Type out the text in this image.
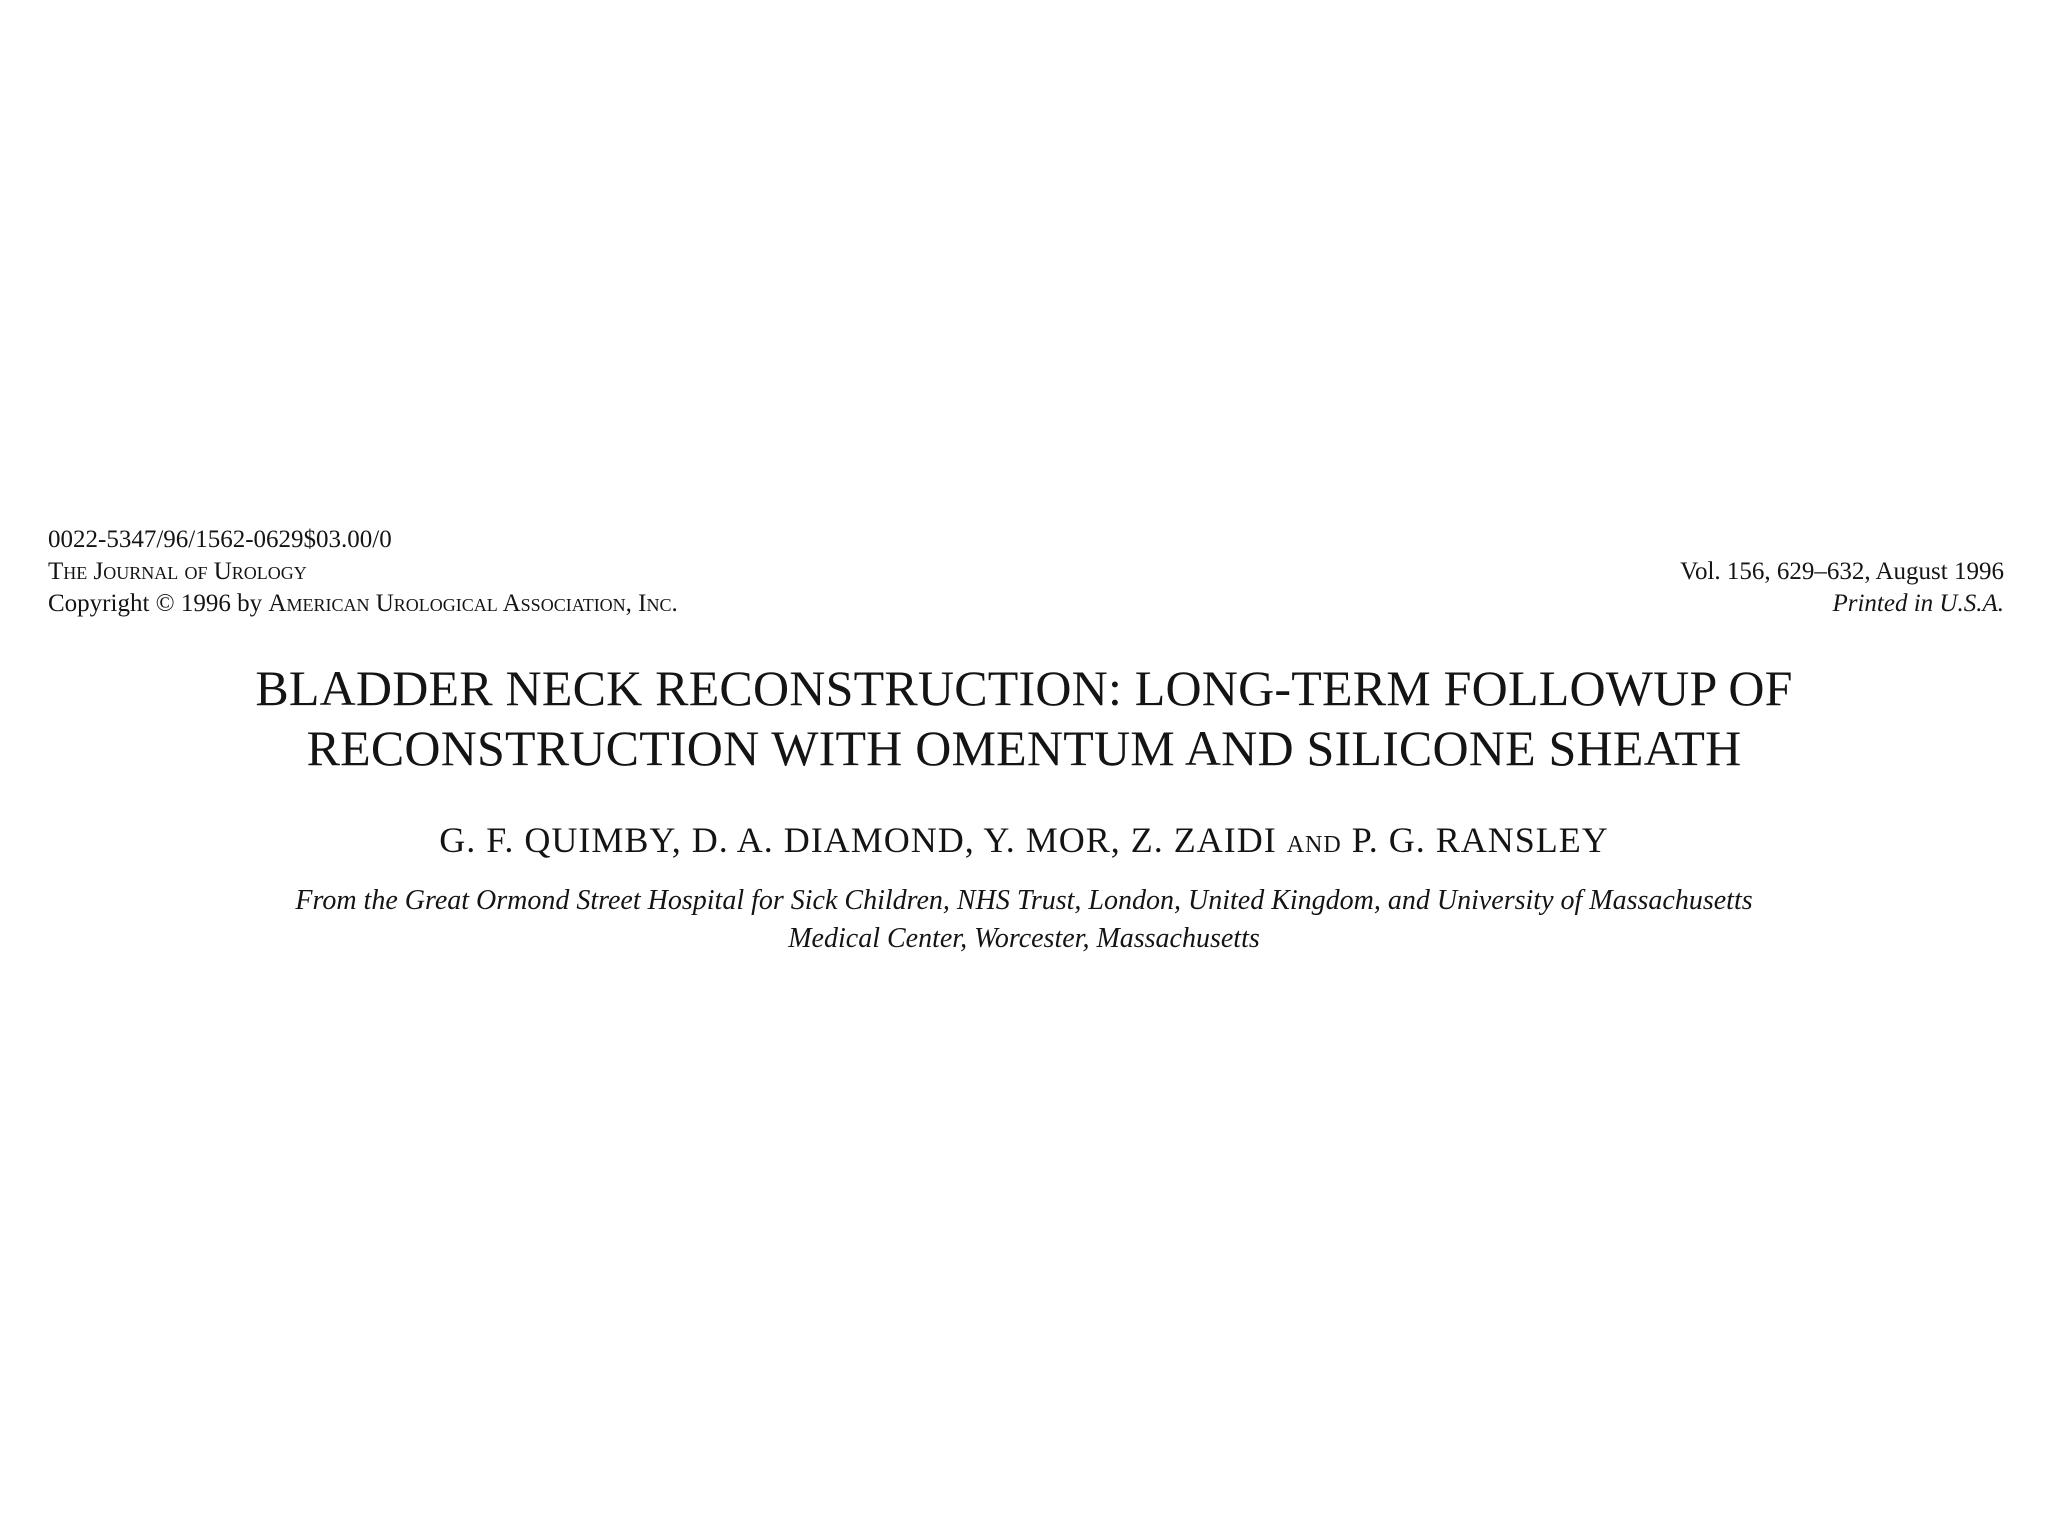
0022-5347/96/1562-0629$03.00/0
The Journal of Urology
Copyright © 1996 by American Urological Association, Inc.
Vol. 156, 629–632, August 1996
Printed in U.S.A.
BLADDER NECK RECONSTRUCTION: LONG-TERM FOLLOWUP OF
RECONSTRUCTION WITH OMENTUM AND SILICONE SHEATH
G. F. QUIMBY, D. A. DIAMOND, Y. MOR, Z. ZAIDI and P. G. RANSLEY
From the Great Ormond Street Hospital for Sick Children, NHS Trust, London, United Kingdom, and University of Massachusetts
Medical Center, Worcester, Massachusetts
